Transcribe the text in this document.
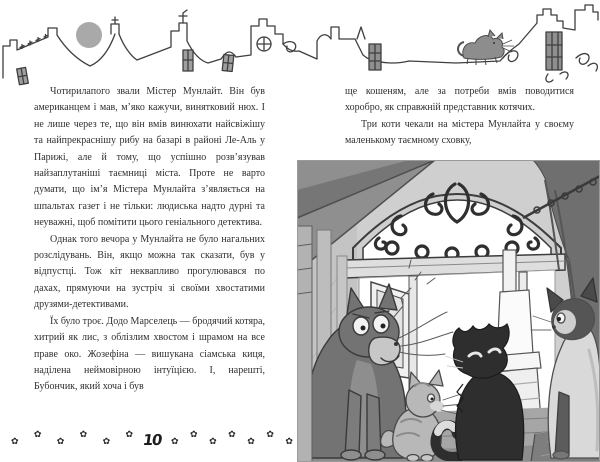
Чотирилапого звали Містер Мунлайт. Він був американцем і мав, м’яко кажучи, винятковий нюх. І не лише через те, що він вмів винюхати найсвіжішу та найпрекраснішу рибу на базарі в районі Ле-Аль у Парижі, але й тому, що успішно розв’язував найзаплутаніші таємниці міста. Проте не варто думати, що ім’я Містера Мунлайта з’являється на шпальтах газет і не тільки: людиська надто дурні та неуважні, щоб помітити цього геніального детектива.

Однак того вечора у Мунлайта не було нагальних розслідувань. Він, якщо можна так сказати, був у відпустці. Тож кіт неквапливо прогулювався по дахах, прямуючи на зустріч зі своїми хвостатими друзями-детективами.

Їх було троє. Додо Марселець — бродячий котяра, хитрий як лис, з облізлим хвостом і шрамом на все праве око. Жозефіна — вишукана сіамська киця, наділена неймовірною інтуїцією. І, нарешті, Бубончик, який хоча і був

ще кошеням, але за потреби вмів поводитися хоробро, як справжній представник котячих.

Три коти чекали на містера Мунлайта у своєму маленькому таємному сховку,

✿
✿
✿
✿
✿
✿ 10 ✿
✿
✿
✿
✿
✿
✿
